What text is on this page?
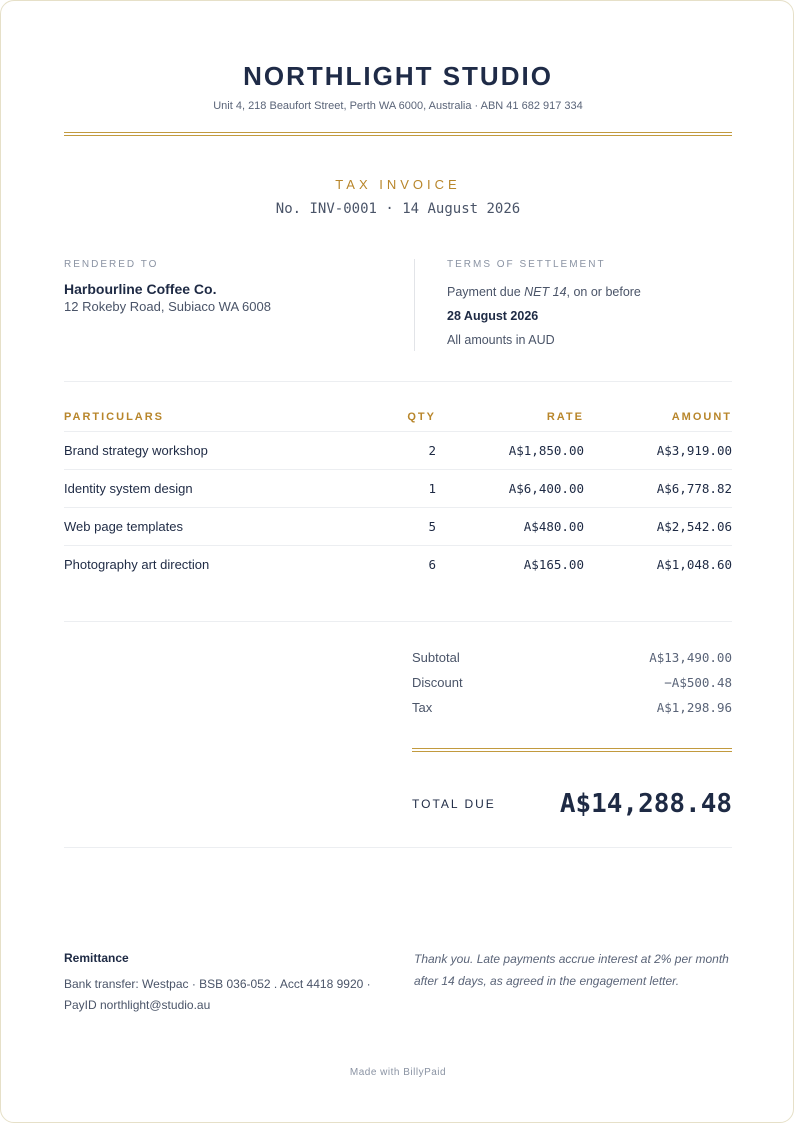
NORTHLIGHT STUDIO
Unit 4, 218 Beaufort Street, Perth WA 6000, Australia · ABN 41 682 917 334
TAX INVOICE
No. INV-0001 · 14 August 2026
RENDERED TO
Harbourline Coffee Co.
12 Rokeby Road, Subiaco WA 6008
TERMS OF SETTLEMENT
Payment due NET 14, on or before
28 August 2026
All amounts in AUD
PARTICULARS	QTY	RATE	AMOUNT
Brand strategy workshop	2	A$1,850.00	A$3,919.00
Identity system design	1	A$6,400.00	A$6,778.82
Web page templates	5	A$480.00	A$2,542.06
Photography art direction	6	A$165.00	A$1,048.60
Subtotal	A$13,490.00
Discount	−A$500.48
Tax	A$1,298.96
TOTAL DUE A$14,288.48
Remittance
Bank transfer: Westpac · BSB 036-052 . Acct 4418 9920 · PayID northlight@studio.au
Thank you. Late payments accrue interest at 2% per month after 14 days, as agreed in the engagement letter.
Made with BillyPaid
